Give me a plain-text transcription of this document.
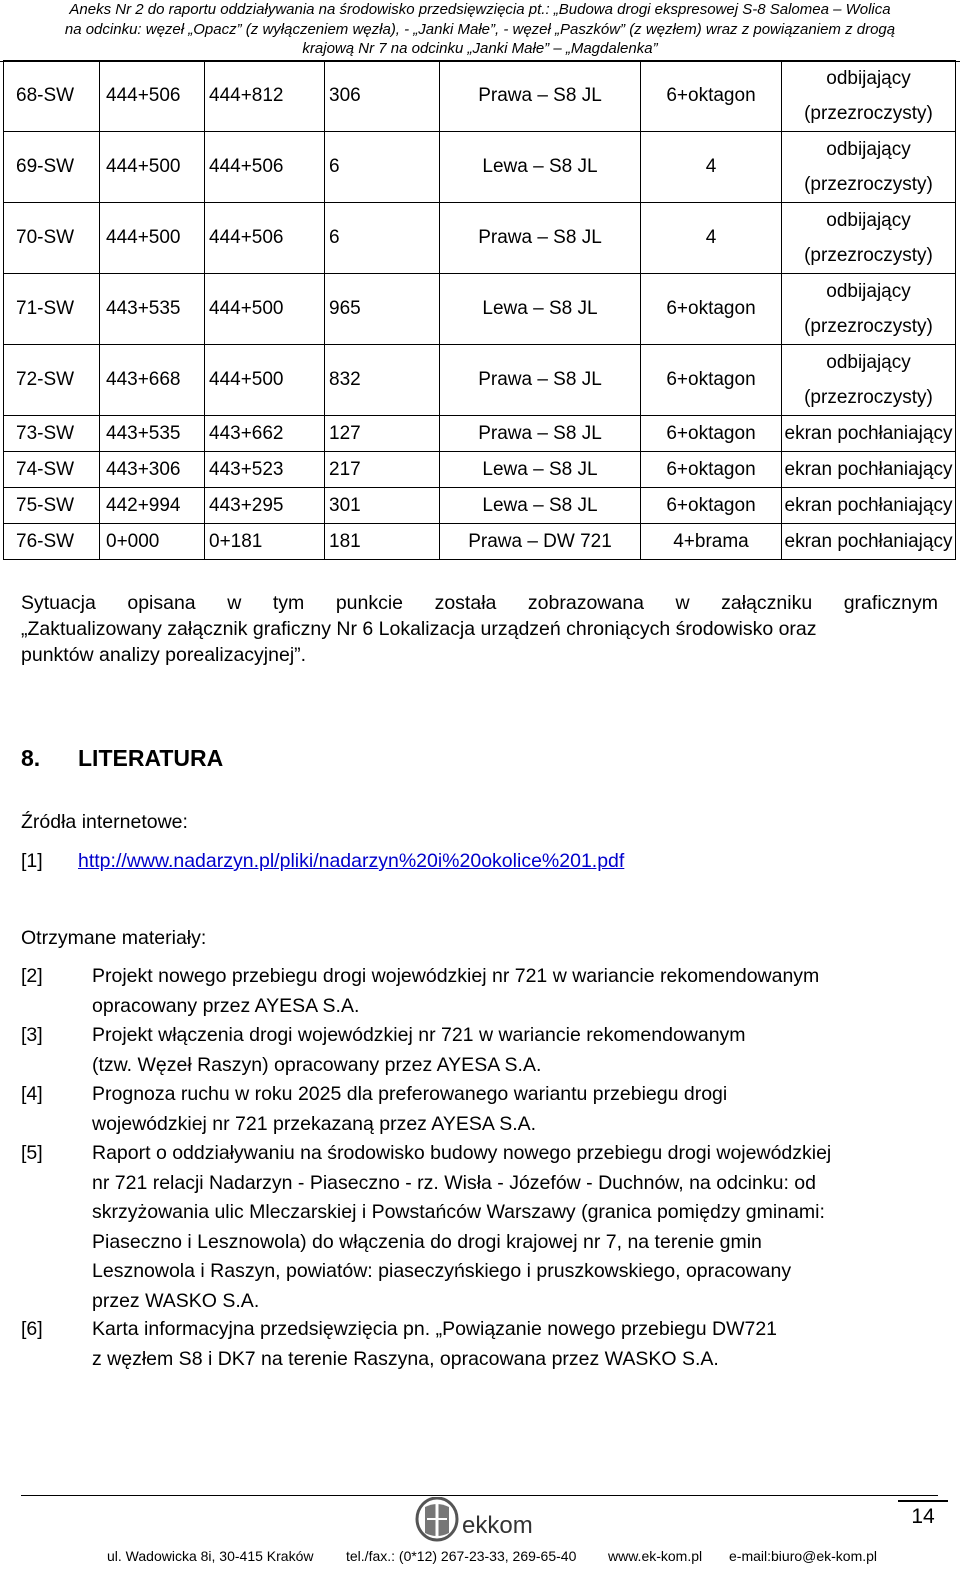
Aneks Nr 2 do raportu oddziaływania na środowisko przedsięwzięcia pt.: „Budowa drogi ekspresowej S-8 Salomea – Wolica
na odcinku: węzeł „Opacz” (z wyłączeniem węzła), - „Janki Małe”, - węzeł „Paszków” (z węzłem) wraz z powiązaniem z drogą
krajową Nr 7 na odcinku „Janki Małe” – „Magdalenka”
68-SW	444+506	444+812	306	Prawa – S8 JL	6+oktagon	odbijający
(przezroczysty)

69-SW	444+500	444+506	6	Lewa – S8 JL	4	odbijający
(przezroczysty)

70-SW	444+500	444+506	6	Prawa – S8 JL	4	odbijający
(przezroczysty)

71-SW	443+535	444+500	965	Lewa – S8 JL	6+oktagon	odbijający
(przezroczysty)

72-SW	443+668	444+500	832	Prawa – S8 JL	6+oktagon	odbijający
(przezroczysty)

73-SW	443+535	443+662	127	Prawa – S8 JL	6+oktagon	ekran pochłaniający

74-SW	443+306	443+523	217	Lewa – S8 JL	6+oktagon	ekran pochłaniający

75-SW	442+994	443+295	301	Lewa – S8 JL	6+oktagon	ekran pochłaniający

76-SW	0+000	0+181	181	Prawa – DW 721	4+brama	ekran pochłaniający
Sytuacja opisana w tym punkcie została zobrazowana w załączniku graficznym
„Zaktualizowany załącznik graficzny Nr 6 Lokalizacja urządzeń chroniących środowisko oraz
punktów analizy porealizacyjnej”.
8. LITERATURA
Źródła internetowe:
[1] http://www.nadarzyn.pl/pliki/nadarzyn%20i%20okolice%201.pdf
Otrzymane materiały:
[2]	Projekt nowego przebiegu drogi wojewódzkiej nr 721 w wariancie rekomendowanym
opracowany przez AYESA S.A.
[3]	Projekt włączenia drogi wojewódzkiej nr 721 w wariancie rekomendowanym
(tzw. Węzeł Raszyn) opracowany przez AYESA S.A.
[4]	Prognoza ruchu w roku 2025 dla preferowanego wariantu przebiegu drogi
wojewódzkiej nr 721 przekazaną przez AYESA S.A.
[5]	Raport o oddziaływaniu na środowisko budowy nowego przebiegu drogi wojewódzkiej
nr 721 relacji Nadarzyn - Piaseczno - rz. Wisła - Józefów - Duchnów, na odcinku: od
skrzyżowania ulic Mleczarskiej i Powstańców Warszawy (granica pomiędzy gminami:
Piaseczno i Lesznowola) do włączenia do drogi krajowej nr 7, na terenie gmin
Lesznowola i Raszyn, powiatów: piaseczyńskiego i pruszkowskiego, opracowany
przez WASKO S.A.
[6]	Karta informacyjna przedsięwzięcia pn. „Powiązanie nowego przebiegu DW721
z węzłem S8 i DK7 na terenie Raszyna, opracowana przez WASKO S.A.
ekkom	14
ul. Wadowicka 8i, 30-415 Kraków tel./fax.: (0*12) 267-23-33, 269-65-40 www.ek-kom.pl e-mail:biuro@ek-kom.pl
